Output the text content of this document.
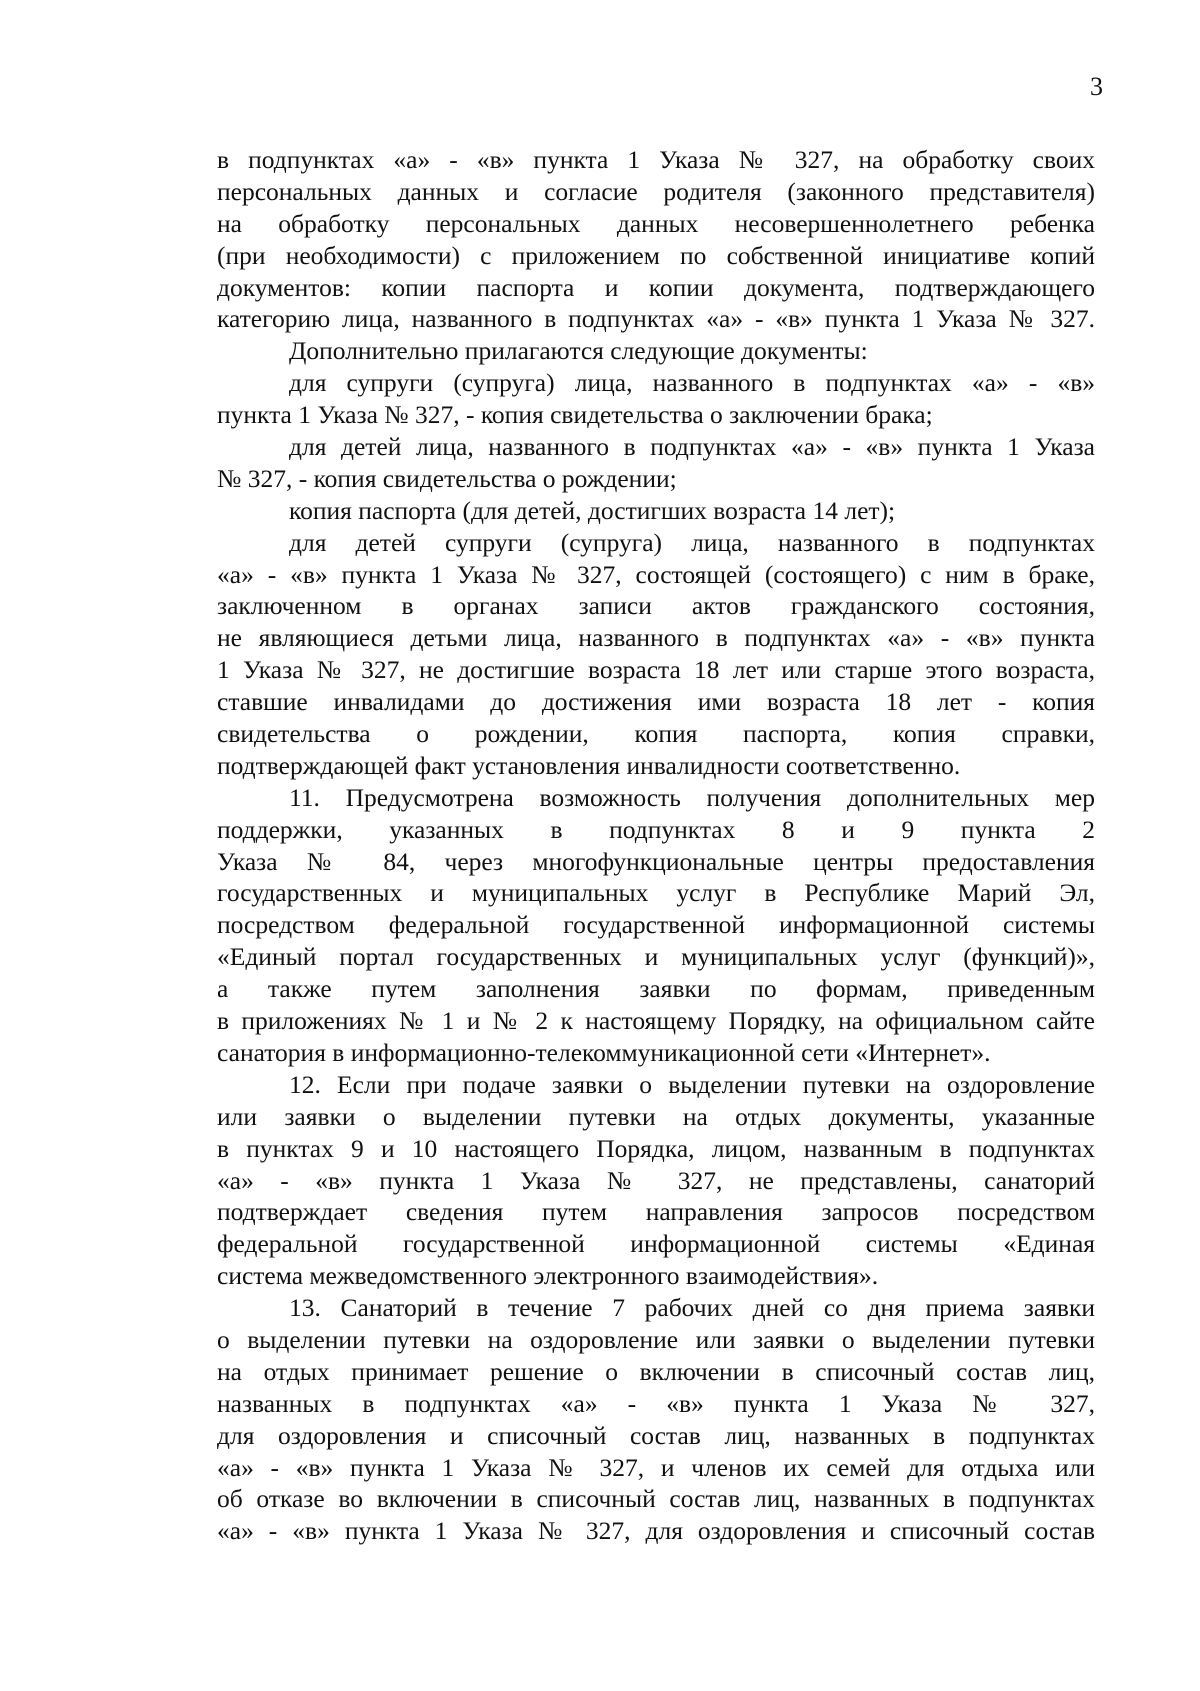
3
в подпунктах «а» - «в» пункта 1 Указа № 327, на обработку своих
персональных данных и согласие родителя (законного представителя)
на обработку персональных данных несовершеннолетнего ребенка
(при необходимости) с приложением по собственной инициативе копий
документов: копии паспорта и копии документа, подтверждающего
категорию лица, названного в подпунктах «а» - «в» пункта 1 Указа № 327.
Дополнительно прилагаются следующие документы:
для супруги (супруга) лица, названного в подпунктах «а» - «в»
пункта 1 Указа № 327, - копия свидетельства о заключении брака;
для детей лица, названного в подпунктах «а» - «в» пункта 1 Указа
№ 327, - копия свидетельства о рождении;
копия паспорта (для детей, достигших возраста 14 лет);
для детей супруги (супруга) лица, названного в подпунктах
«а» - «в» пункта 1 Указа № 327, состоящей (состоящего) с ним в браке,
заключенном в органах записи актов гражданского состояния,
не являющиеся детьми лица, названного в подпунктах «а» - «в» пункта
1 Указа № 327, не достигшие возраста 18 лет или старше этого возраста,
ставшие инвалидами до достижения ими возраста 18 лет - копия
свидетельства о рождении, копия паспорта, копия справки,
подтверждающей факт установления инвалидности соответственно.
11. Предусмотрена возможность получения дополнительных мер
поддержки, указанных в подпунктах 8 и 9 пункта 2
Указа № 84, через многофункциональные центры предоставления
государственных и муниципальных услуг в Республике Марий Эл,
посредством федеральной государственной информационной системы
«Единый портал государственных и муниципальных услуг (функций)»,
а также путем заполнения заявки по формам, приведенным
в приложениях № 1 и № 2 к настоящему Порядку, на официальном сайте
санатория в информационно-телекоммуникационной сети «Интернет».
12. Если при подаче заявки о выделении путевки на оздоровление
или заявки о выделении путевки на отдых документы, указанные
в пунктах 9 и 10 настоящего Порядка, лицом, названным в подпунктах
«а» - «в» пункта 1 Указа № 327, не представлены, санаторий
подтверждает сведения путем направления запросов посредством
федеральной государственной информационной системы «Единая
система межведомственного электронного взаимодействия».
13. Санаторий в течение 7 рабочих дней со дня приема заявки
о выделении путевки на оздоровление или заявки о выделении путевки
на отдых принимает решение о включении в списочный состав лиц,
названных в подпунктах «а» - «в» пункта 1 Указа № 327,
для оздоровления и списочный состав лиц, названных в подпунктах
«а» - «в» пункта 1 Указа № 327, и членов их семей для отдыха или
об отказе во включении в списочный состав лиц, названных в подпунктах
«а» - «в» пункта 1 Указа № 327, для оздоровления и списочный состав
